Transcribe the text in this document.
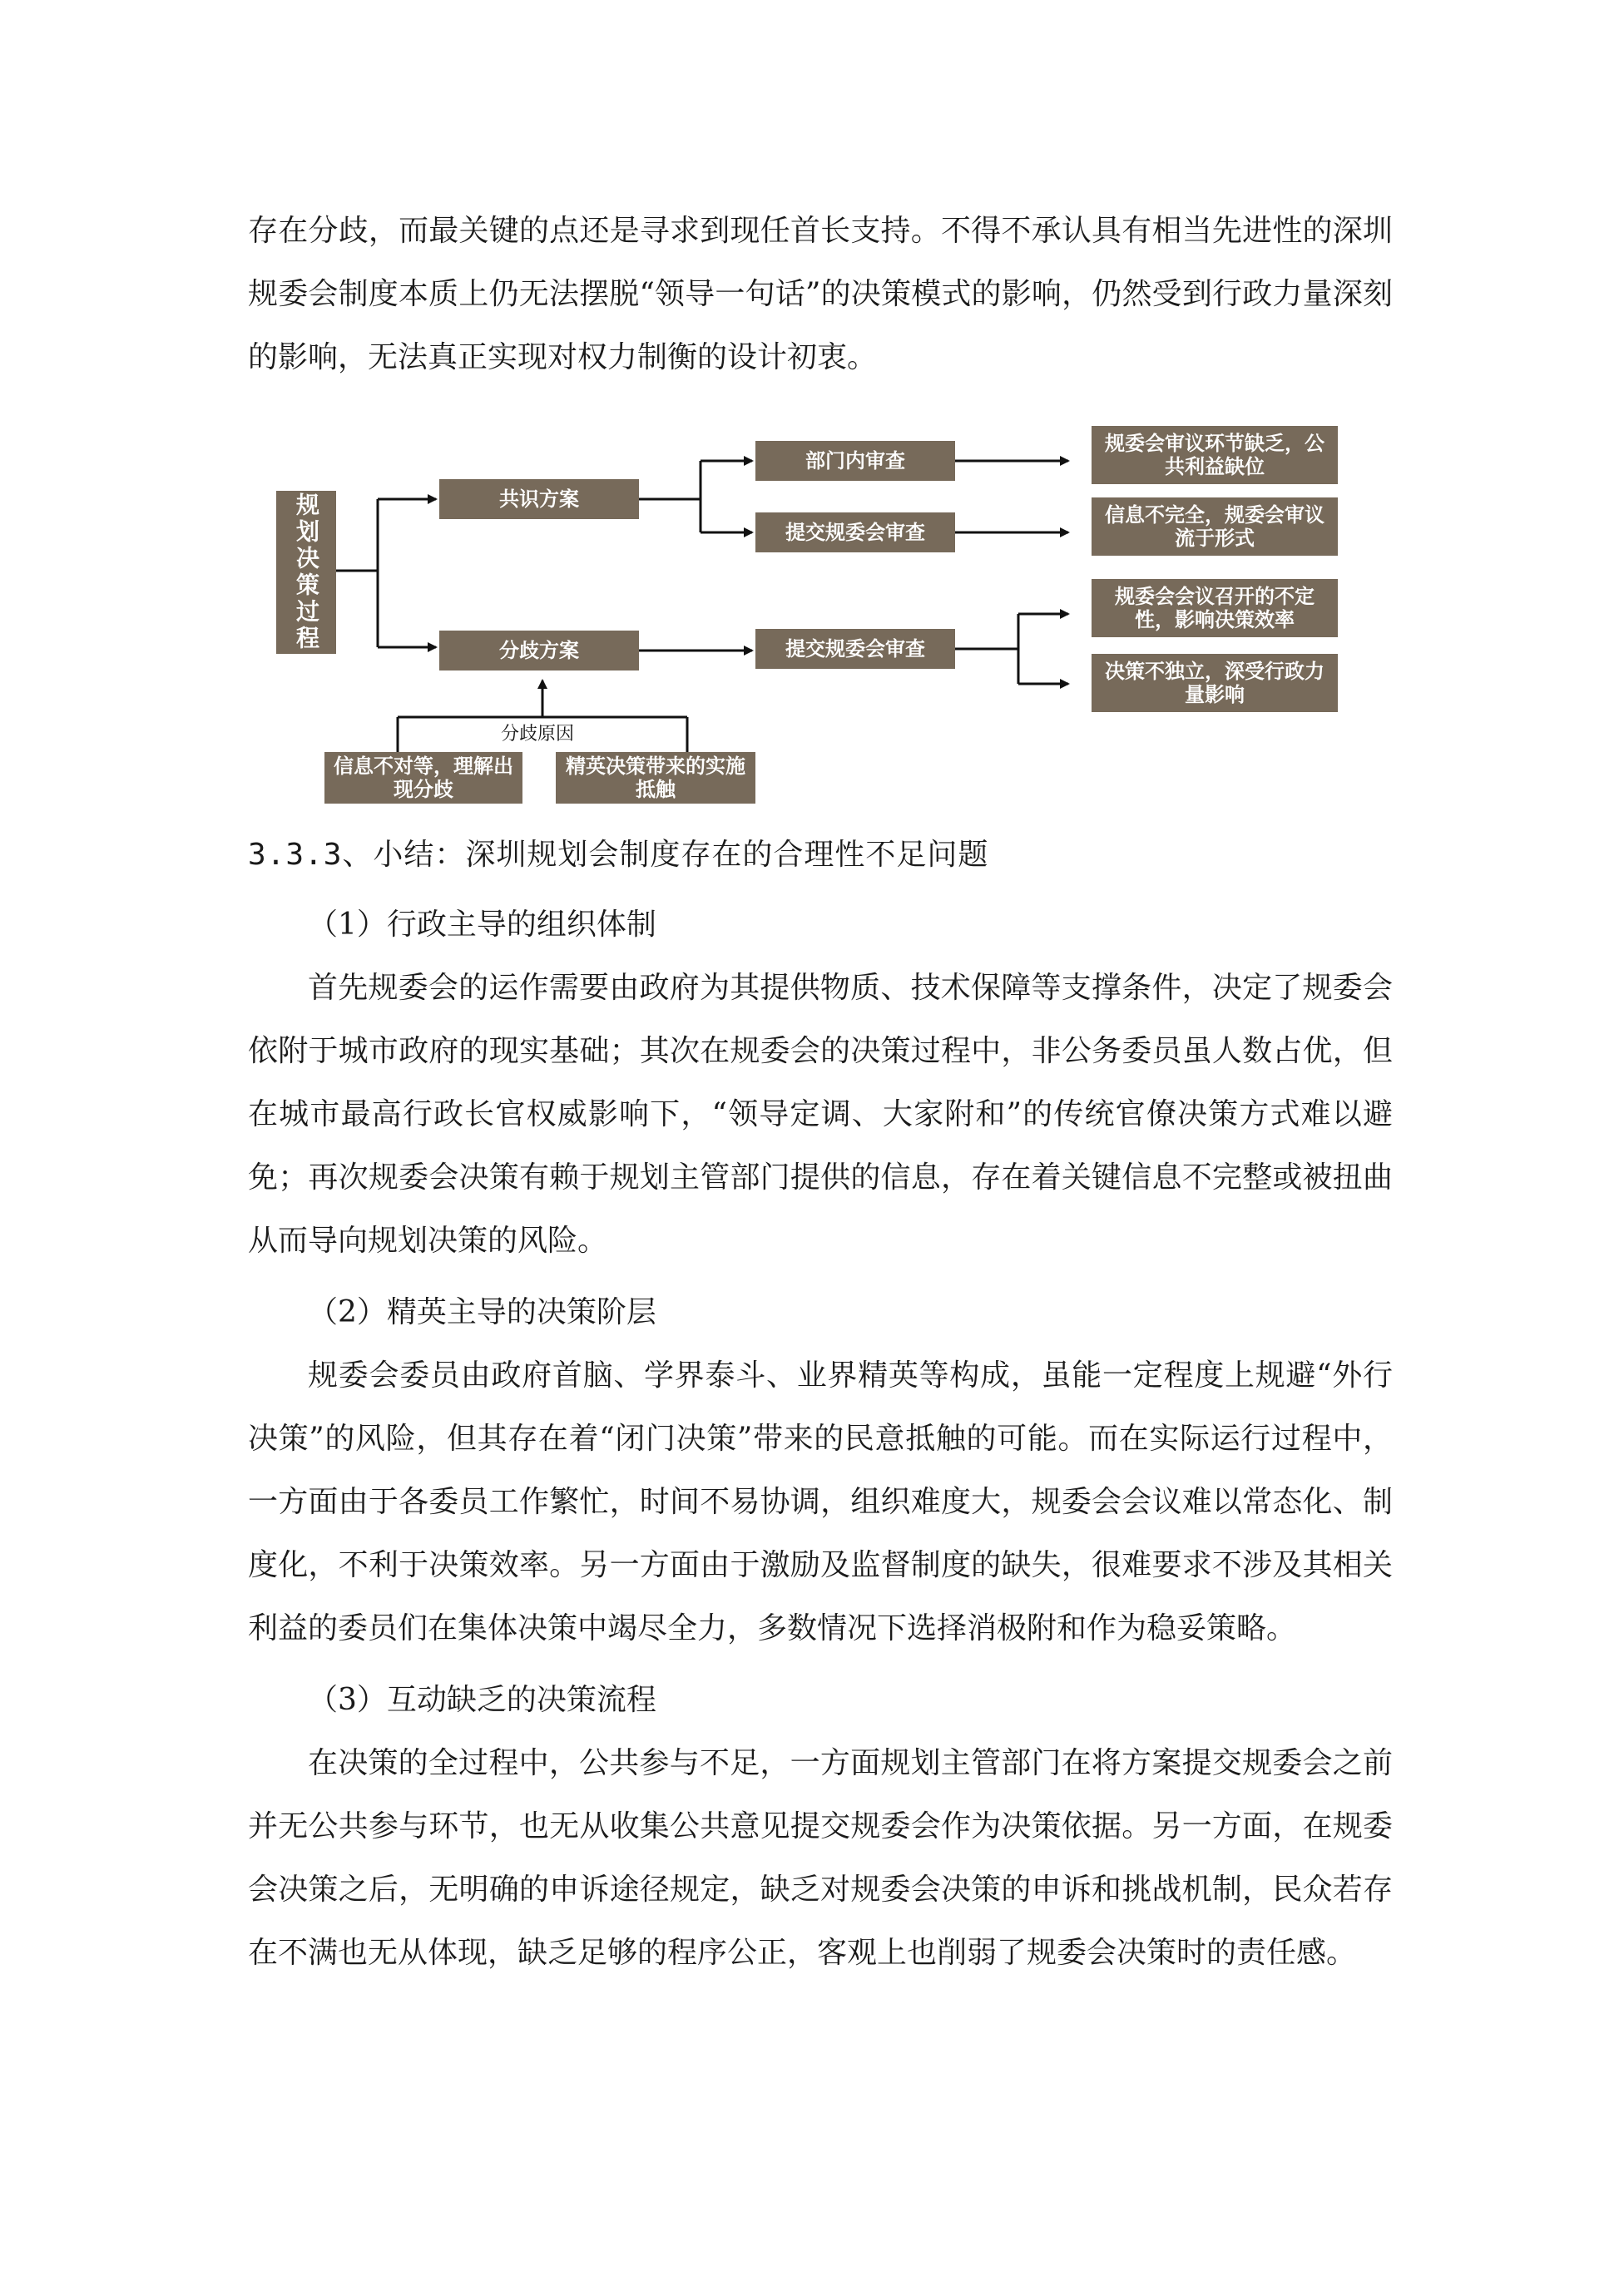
存在分歧，而最关键的点还是寻求到现任首长支持。不得不承认具有相当先进性的深圳规委会制度本质上仍无法摆脱“领导一句话”的决策模式的影响，仍然受到行政力量深刻的影响，无法真正实现对权力制衡的设计初衷。

规划决策过程	共识方案
分歧方案
部门内审查
提交规委会审查
提交规委会审查
规委会审议环节缺乏，公共利益缺位
信息不完全，规委会审议流于形式
规委会会议召开的不定性，影响决策效率
决策不独立，深受行政力量影响
分歧原因
信息不对等，理解出现分歧
精英决策带来的实施抵触

3.3.3、小结：深圳规划会制度存在的合理性不足问题

（1）行政主导的组织体制

首先规委会的运作需要由政府为其提供物质、技术保障等支撑条件，决定了规委会依附于城市政府的现实基础；其次在规委会的决策过程中，非公务委员虽人数占优，但在城市最高行政长官权威影响下，“领导定调、大家附和”的传统官僚决策方式难以避免；再次规委会决策有赖于规划主管部门提供的信息，存在着关键信息不完整或被扭曲从而导向规划决策的风险。

（2）精英主导的决策阶层

规委会委员由政府首脑、学界泰斗、业界精英等构成，虽能一定程度上规避“外行决策”的风险，但其存在着“闭门决策”带来的民意抵触的可能。而在实际运行过程中，一方面由于各委员工作繁忙，时间不易协调，组织难度大，规委会会议难以常态化、制度化，不利于决策效率。另一方面由于激励及监督制度的缺失，很难要求不涉及其相关利益的委员们在集体决策中竭尽全力，多数情况下选择消极附和作为稳妥策略。

（3）互动缺乏的决策流程

在决策的全过程中，公共参与不足，一方面规划主管部门在将方案提交规委会之前并无公共参与环节，也无从收集公共意见提交规委会作为决策依据。另一方面，在规委会决策之后，无明确的申诉途径规定，缺乏对规委会决策的申诉和挑战机制，民众若存在不满也无从体现，缺乏足够的程序公正，客观上也削弱了规委会决策时的责任感。
